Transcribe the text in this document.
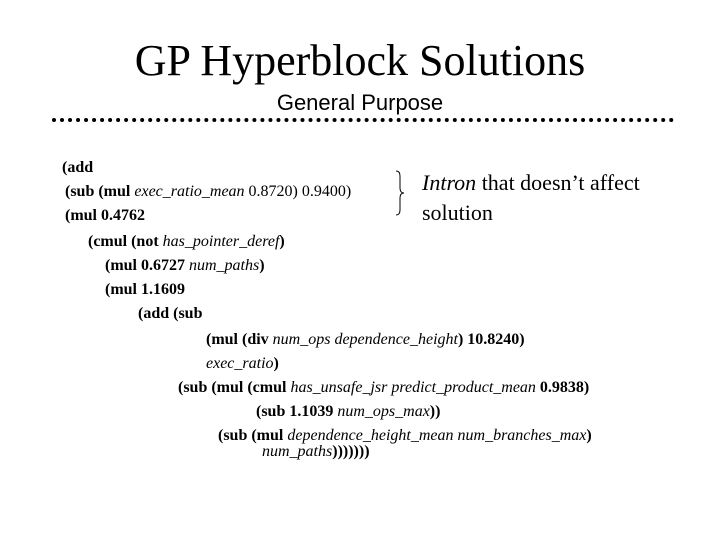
GP Hyperblock Solutions
General Purpose
(add
(sub (mul exec_ratio_mean 0.8720) 0.9400)
(mul 0.4762
(cmul (not has_pointer_deref)
(mul 0.6727 num_paths)
(mul 1.1609
(add (sub
(mul (div num_ops dependence_height) 10.8240)
exec_ratio)
(sub (mul (cmul has_unsafe_jsr predict_product_mean 0.9838)
(sub 1.1039 num_ops_max))
(sub (mul dependence_height_mean num_branches_max)
num_paths)))))))
Intron that doesn’t affect
solution
